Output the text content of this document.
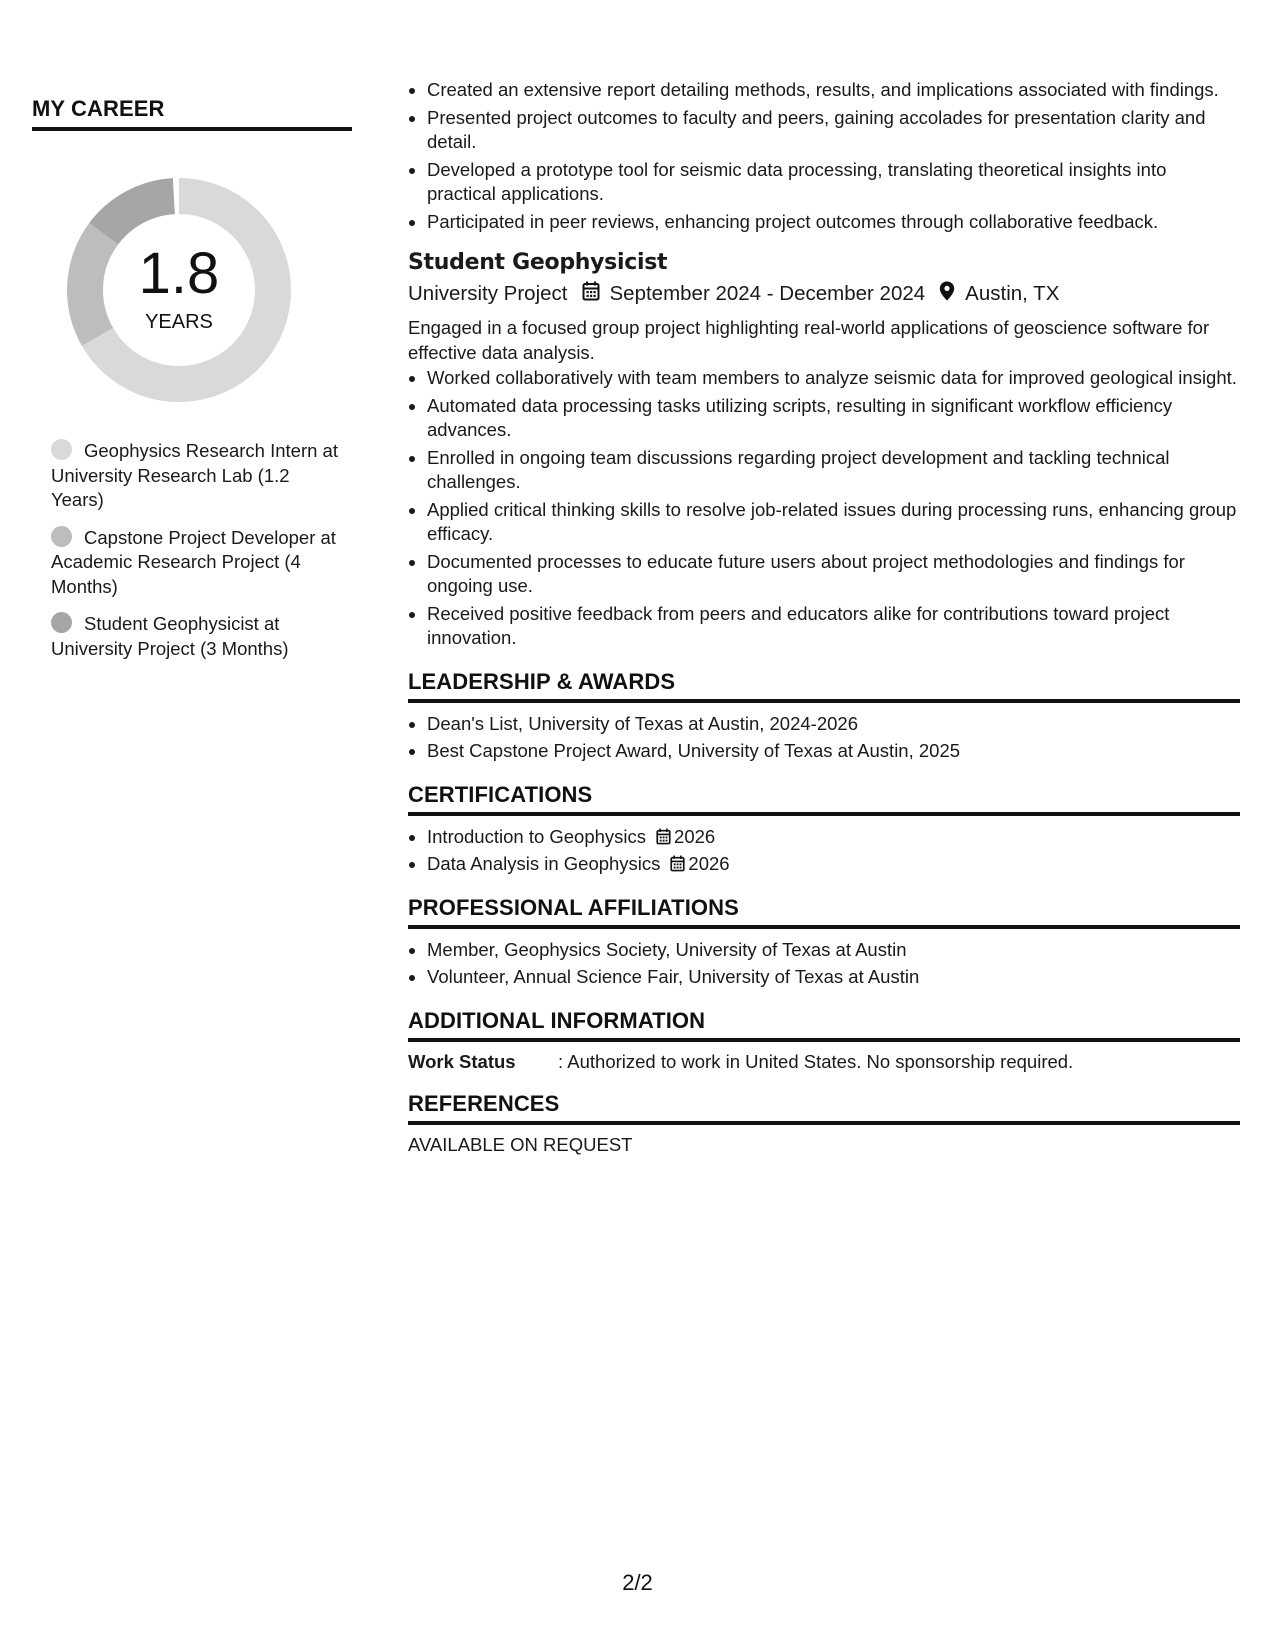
MY CAREER
1.8
YEARS
Geophysics Research Intern at University Research Lab (1.2 Years)
Capstone Project Developer at Academic Research Project (4 Months)
Student Geophysicist at University Project (3 Months)
• Created an extensive report detailing methods, results, and implications associated with findings.
• Presented project outcomes to faculty and peers, gaining accolades for presentation clarity and detail.
• Developed a prototype tool for seismic data processing, translating theoretical insights into practical applications.
• Participated in peer reviews, enhancing project outcomes through collaborative feedback.
Student Geophysicist
University Project September 2024 - December 2024 Austin, TX
Engaged in a focused group project highlighting real-world applications of geoscience software for effective data analysis.
• Worked collaboratively with team members to analyze seismic data for improved geological insight.
• Automated data processing tasks utilizing scripts, resulting in significant workflow efficiency advances.
• Enrolled in ongoing team discussions regarding project development and tackling technical challenges.
• Applied critical thinking skills to resolve job-related issues during processing runs, enhancing group efficacy.
• Documented processes to educate future users about project methodologies and findings for ongoing use.
• Received positive feedback from peers and educators alike for contributions toward project innovation.
LEADERSHIP & AWARDS
• Dean's List, University of Texas at Austin, 2024-2026
• Best Capstone Project Award, University of Texas at Austin, 2025
CERTIFICATIONS
• Introduction to Geophysics 2026
• Data Analysis in Geophysics 2026
PROFESSIONAL AFFILIATIONS
• Member, Geophysics Society, University of Texas at Austin
• Volunteer, Annual Science Fair, University of Texas at Austin
ADDITIONAL INFORMATION
Work Status	: Authorized to work in United States. No sponsorship required.
REFERENCES
AVAILABLE ON REQUEST
2/2
